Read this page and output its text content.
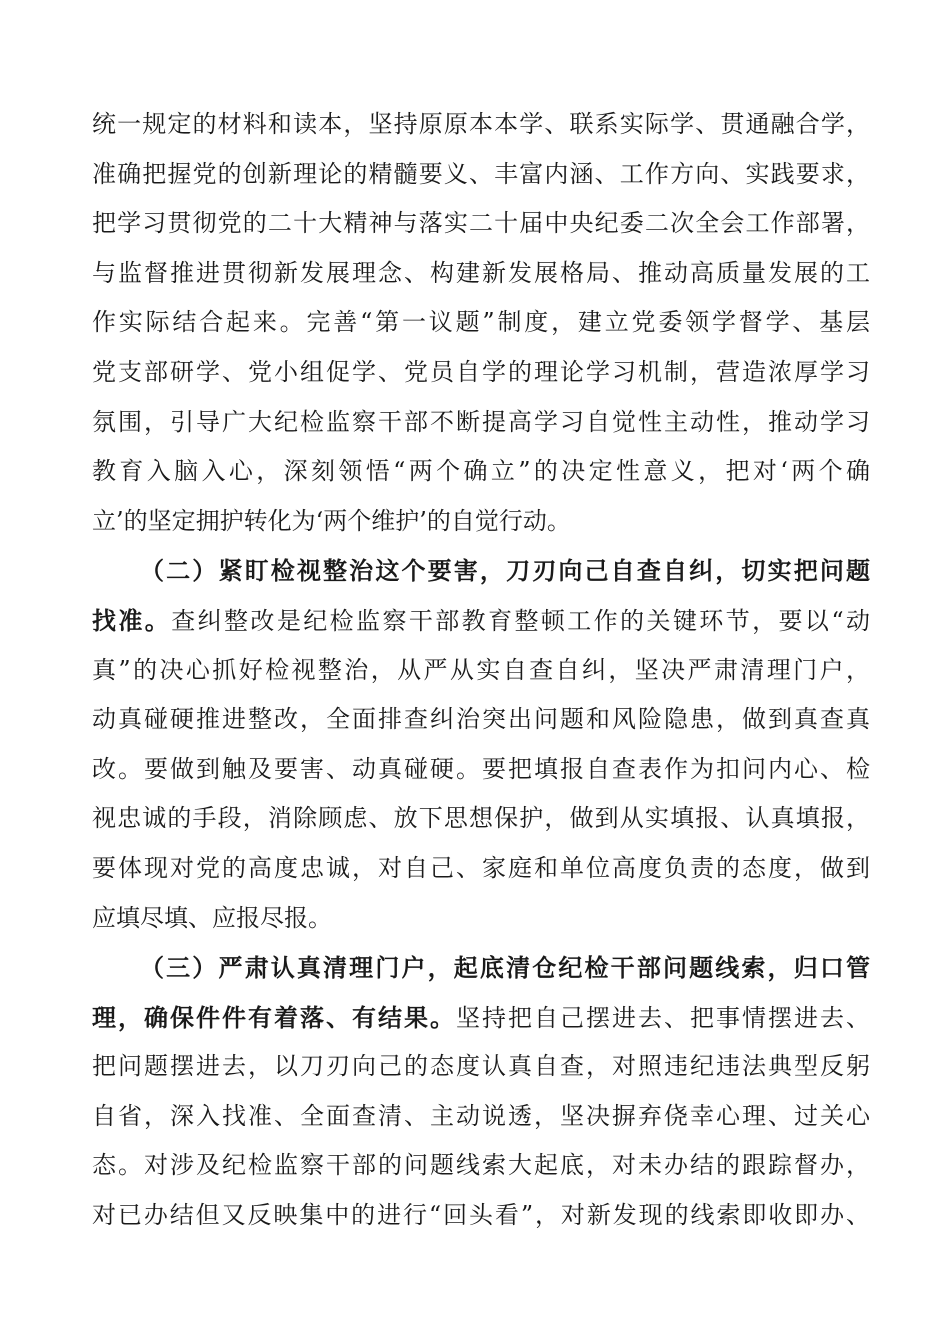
统一规定的材料和读本，坚持原原本本学、联系实际学、贯通融合学，
准确把握党的创新理论的精髓要义、丰富内涵、工作方向、实践要求，
把学习贯彻党的二十大精神与落实二十届中央纪委二次全会工作部署，
与监督推进贯彻新发展理念、构建新发展格局、推动高质量发展的工
作实际结合起来。完善“第一议题”制度，建立党委领学督学、基层
党支部研学、党小组促学、党员自学的理论学习机制，营造浓厚学习
氛围，引导广大纪检监察干部不断提高学习自觉性主动性，推动学习
教育入脑入心，深刻领悟“两个确立”的决定性意义，把对‘两个确
立’的坚定拥护转化为‘两个维护’的自觉行动。
（二）紧盯检视整治这个要害，刀刃向己自查自纠，切实把问题
找准。查纠整改是纪检监察干部教育整顿工作的关键环节，要以“动
真”的决心抓好检视整治，从严从实自查自纠，坚决严肃清理门户，
动真碰硬推进整改，全面排查纠治突出问题和风险隐患，做到真查真
改。要做到触及要害、动真碰硬。要把填报自查表作为扣问内心、检
视忠诚的手段，消除顾虑、放下思想保护，做到从实填报、认真填报，
要体现对党的高度忠诚，对自己、家庭和单位高度负责的态度，做到
应填尽填、应报尽报。
（三）严肃认真清理门户，起底清仓纪检干部问题线索，归口管
理，确保件件有着落、有结果。坚持把自己摆进去、把事情摆进去、
把问题摆进去，以刀刃向己的态度认真自查，对照违纪违法典型反躬
自省，深入找准、全面查清、主动说透，坚决摒弃侥幸心理、过关心
态。对涉及纪检监察干部的问题线索大起底，对未办结的跟踪督办，
对已办结但又反映集中的进行“回头看”，对新发现的线索即收即办、
